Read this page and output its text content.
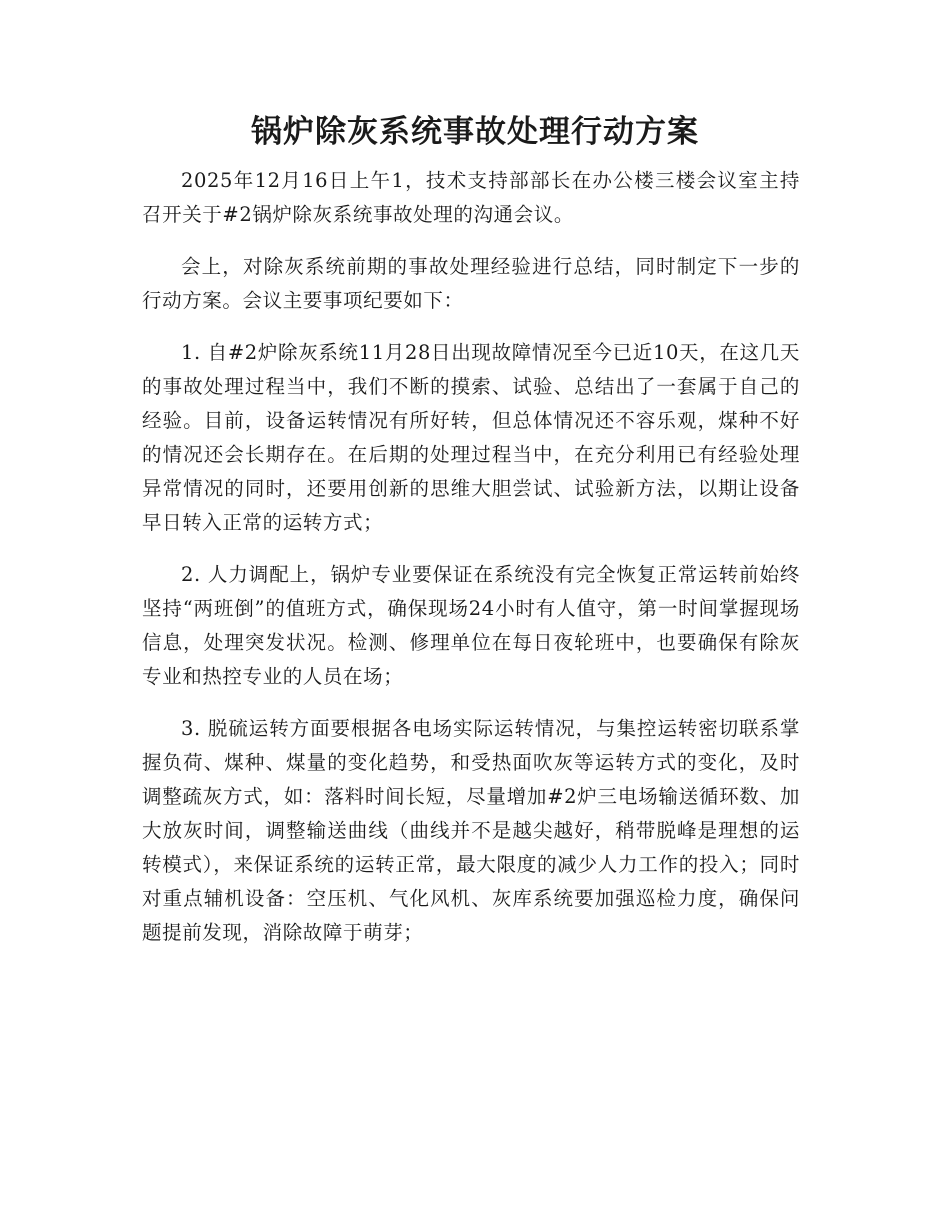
锅炉除灰系统事故处理行动方案

2025年12月16日上午1，技术支持部部长在办公楼三楼会议室主持召开关于#2锅炉除灰系统事故处理的沟通会议。

会上，对除灰系统前期的事故处理经验进行总结，同时制定下一步的行动方案。会议主要事项纪要如下：

1. 自#2炉除灰系统11月28日出现故障情况至今已近10天，在这几天的事故处理过程当中，我们不断的摸索、试验、总结出了一套属于自己的经验。目前，设备运转情况有所好转，但总体情况还不容乐观，煤种不好的情况还会长期存在。在后期的处理过程当中，在充分利用已有经验处理异常情况的同时，还要用创新的思维大胆尝试、试验新方法，以期让设备早日转入正常的运转方式；

2. 人力调配上，锅炉专业要保证在系统没有完全恢复正常运转前始终坚持“两班倒”的值班方式，确保现场24小时有人值守，第一时间掌握现场信息，处理突发状况。检测、修理单位在每日夜轮班中，也要确保有除灰专业和热控专业的人员在场；

3. 脱硫运转方面要根据各电场实际运转情况，与集控运转密切联系掌握负荷、煤种、煤量的变化趋势，和受热面吹灰等运转方式的变化，及时调整疏灰方式，如：落料时间长短，尽量增加#2炉三电场输送循环数、加大放灰时间，调整输送曲线（曲线并不是越尖越好，稍带脱峰是理想的运转模式），来保证系统的运转正常，最大限度的减少人力工作的投入；同时对重点辅机设备：空压机、气化风机、灰库系统要加强巡检力度，确保问题提前发现，消除故障于萌芽；
